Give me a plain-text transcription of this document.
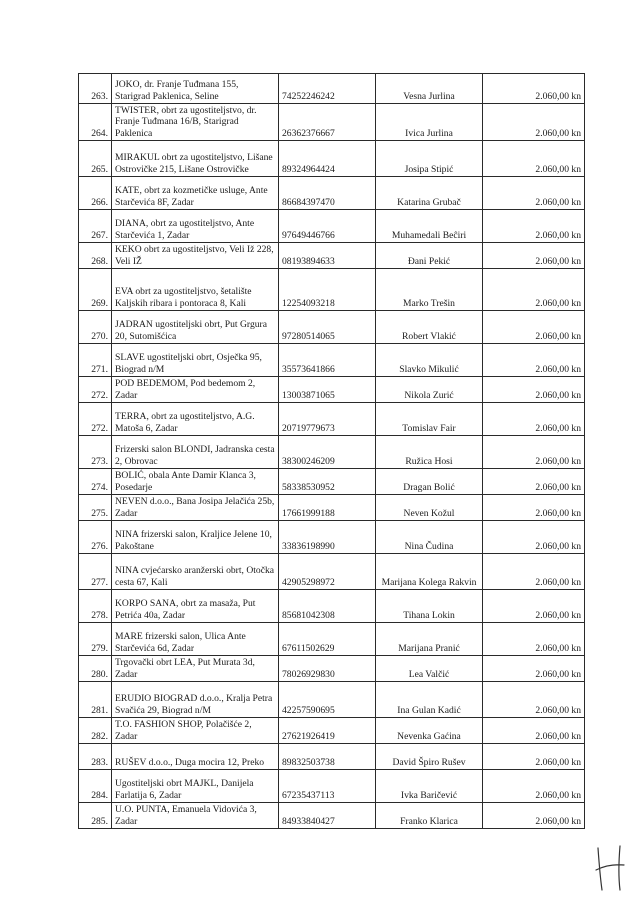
263.	JOKO, dr. Franje Tuđmana 155, Starigrad Paklenica, Seline	74252246242	Vesna Jurlina	2.060,00 kn
264.	TWISTER, obrt za ugostiteljstvo, dr. Franje Tuđmana 16/B, Starigrad Paklenica	26362376667	Ivica Jurlina	2.060,00 kn
265.	MIRAKUL obrt za ugostiteljstvo, Lišane Ostrovičke 215, Lišane Ostrovičke	89324964424	Josipa Stipić	2.060,00 kn
266.	KATE, obrt za kozmetičke usluge, Ante Starčevića 8F, Zadar	86684397470	Katarina Grubač	2.060,00 kn
267.	DIANA, obrt za ugostiteljstvo, Ante Starčevića 1, Zadar	97649446766	Muhamedali Beĉiri	2.060,00 kn
268.	KEKO obrt za ugostiteljstvo, Veli Iž 228, Veli IŽ	08193894633	Đani Pekić	2.060,00 kn
269.	EVA obrt za ugostiteljstvo, šetalište Kaljskih ribara i pontoraca 8, Kali	12254093218	Marko Trešin	2.060,00 kn
270.	JADRAN ugostiteljski obrt, Put Grgura 20, Sutomišćica	97280514065	Robert Vlakić	2.060,00 kn
271.	SLAVE ugostiteljski obrt, Osječka 95, Biograd n/M	35573641866	Slavko Mikulić	2.060,00 kn
272.	POD BEDEMOM, Pod bedemom 2, Zadar	13003871065	Nikola Zurić	2.060,00 kn
272.	TERRA, obrt za ugostiteljstvo, A.G. Matoša 6, Zadar	20719779673	Tomislav Fair	2.060,00 kn
273.	Frizerski salon BLONDI, Jadranska cesta 2, Obrovac	38300246209	Ružica Hosi	2.060,00 kn
274.	BOLIĆ, obala Ante Damir Klanca 3, Posedarje	58338530952	Dragan Bolić	2.060,00 kn
275.	NEVEN d.o.o., Bana Josipa Jelačića 25b, Zadar	17661999188	Neven Kožul	2.060,00 kn
276.	NINA frizerski salon, Kraljice Jelene 10, Pakoštane	33836198990	Nina Čudina	2.060,00 kn
277.	NINA cvjećarsko aranžerski obrt, Otočka cesta 67, Kali	42905298972	Marijana Kolega Rakvin	2.060,00 kn
278.	KORPO SANA, obrt za masaža, Put Petrića 40a, Zadar	85681042308	Tihana Lokin	2.060,00 kn
279.	MARE frizerski salon, Ulica Ante Starčevića 6d, Zadar	67611502629	Marijana Pranić	2.060,00 kn
280.	Trgovački obrt LEA, Put Murata 3d, Zadar	78026929830	Lea Valčić	2.060,00 kn
281.	ERUDIO BIOGRAD d.o.o., Kralja Petra Svačića 29, Biograd n/M	42257590695	Ina Gulan Kadić	2.060,00 kn
282.	T.O. FASHION SHOP, Polačišće 2, Zadar	27621926419	Nevenka Gaćina	2.060,00 kn
283.	RUŠEV d.o.o., Duga mocira 12, Preko	89832503738	David Špiro Rušev	2.060,00 kn
284.	Ugostiteljski obrt MAJKL, Danijela Farlatija 6, Zadar	67235437113	Ivka Baričević	2.060,00 kn
285.	U.O. PUNTA, Emanuela Vidovića 3, Zadar	84933840427	Franko Klarica	2.060,00 kn
